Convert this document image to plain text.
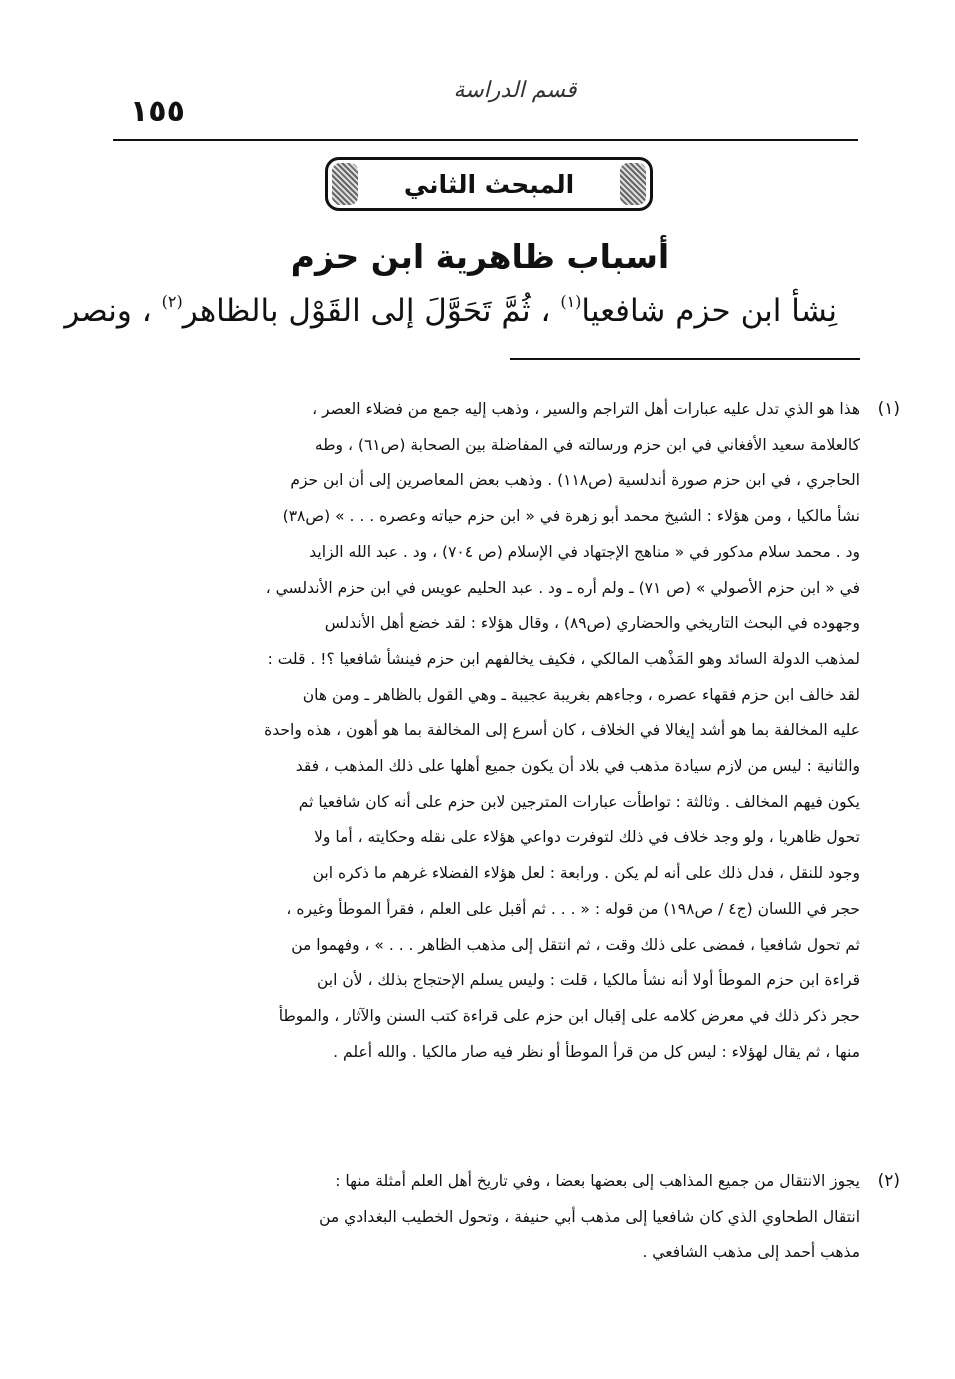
قسم الدراسة
١٥٥
المبحث الثاني
أسباب ظاهرية ابن حزم
نِشأ ابن حزم شافعيا$^{(١)}$ ، ثُمَّ تَحَوَّلَ إلى القَوْل بالظاهر$^{(٢)}$ ، ونصر
(١)
هذا هو الذي تدل عليه عبارات أهل التراجم والسير ، وذهب إليه جمع من فضلاء العصر ،
كالعلامة سعيد الأفغاني في ابن حزم ورسالته في المفاضلة بين الصحابة (ص٦١) ، وطه
الحاجري ، في ابن حزم صورة أندلسية (ص١١٨) . وذهب بعض المعاصرين إلى أن ابن حزم
نشأ مالكيا ، ومن هؤلاء : الشيخ محمد أبو زهرة في « ابن حزم حياته وعصره . . . » (ص٣٨)
ود . محمد سلام مدكور في « مناهج الإجتهاد في الإسلام (ص ٧٠٤) ، ود . عبد الله الزايد
في « ابن حزم الأصولي » (ص ٧١) ـ ولم أره ـ ود . عبد الحليم عويس في ابن حزم الأندلسي ،
وجهوده في البحث التاريخي والحضاري (ص٨٩) ، وقال هؤلاء : لقد خضع أهل الأندلس
لمذهب الدولة السائد وهو المَذْهب المالكي ، فكيف يخالفهم ابن حزم فينشأ شافعيا ؟! . قلت :
لقد خالف ابن حزم فقهاء عصره ، وجاءهم بغريبة عجيبة ـ وهي القول بالظاهر ـ ومن هان
عليه المخالفة بما هو أشد إيغالا في الخلاف ، كان أسرع إلى المخالفة بما هو أهون ، هذه واحدة
والثانية : ليس من لازم سيادة مذهب في بلاد أن يكون جميع أهلها على ذلك المذهب ، فقد
يكون فيهم المخالف . وثالثة : تواطأت عبارات المترجين لابن حزم على أنه كان شافعيا ثم
تحول ظاهريا ، ولو وجد خلاف في ذلك لتوفرت دواعي هؤلاء على نقله وحكايته ، أما ولا
وجود للنقل ، فدل ذلك على أنه لم يكن . ورابعة : لعل هؤلاء الفضلاء غرهم ما ذكره ابن
حجر في اللسان (ج٤ / ص١٩٨) من قوله : « . . . ثم أقبل على العلم ، فقرأ الموطأ وغيره ،
ثم تحول شافعيا ، فمضى على ذلك وقت ، ثم انتقل إلى مذهب الظاهر . . . » ، وفهموا من
قراءة ابن حزم الموطأ أولا أنه نشأ مالكيا ، قلت : وليس يسلم الإحتجاج بذلك ، لأن ابن
حجر ذكر ذلك في معرض كلامه على إقبال ابن حزم على قراءة كتب السنن والآثار ، والموطأ
منها ، ثم يقال لهؤلاء : ليس كل من قرأ الموطأ أو نظر فيه صار مالكيا . والله أعلم .
(٢)
يجوز الانتقال من جميع المذاهب إلى بعضها بعضا ، وفي تاريخ أهل العلم أمثلة منها :
انتقال الطحاوي الذي كان شافعيا إلى مذهب أبي حنيفة ، وتحول الخطيب البغدادي من
مذهب أحمد إلى مذهب الشافعي .
